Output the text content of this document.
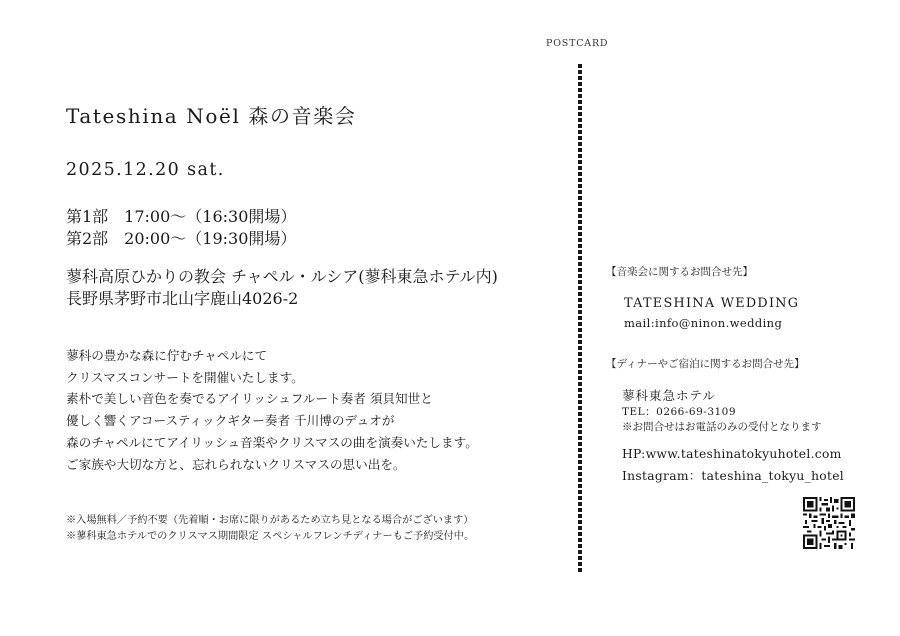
POSTCARD
Tateshina Noël 森の音楽会
2025.12.20 sat.
第1部　17:00～（16:30開場）
第2部　20:00～（19:30開場）
蓼科高原ひかりの教会 チャペル・ルシア(蓼科東急ホテル内)
長野県茅野市北山字鹿山4026-2
蓼科の豊かな森に佇むチャペルにて
クリスマスコンサートを開催いたします。
素朴で美しい音色を奏でるアイリッシュフルート奏者 須貝知世と
優しく響くアコースティックギター奏者 千川博のデュオが
森のチャペルにてアイリッシュ音楽やクリスマスの曲を演奏いたします。
ご家族や大切な方と、忘れられないクリスマスの思い出を。
※入場無料／予約不要（先着順・お席に限りがあるため立ち見となる場合がございます）
※蓼科東急ホテルでのクリスマス期間限定 スペシャルフレンチディナーもご予約受付中。
【音楽会に関するお問合せ先】
TATESHINA WEDDING
mail:info@ninon.wedding
【ディナーやご宿泊に関するお問合せ先】
蓼科東急ホテル
TEL：0266-69-3109
※お問合せはお電話のみの受付となります
HP:www.tateshinatokyuhotel.com
Instagram：tateshina_tokyu_hotel
